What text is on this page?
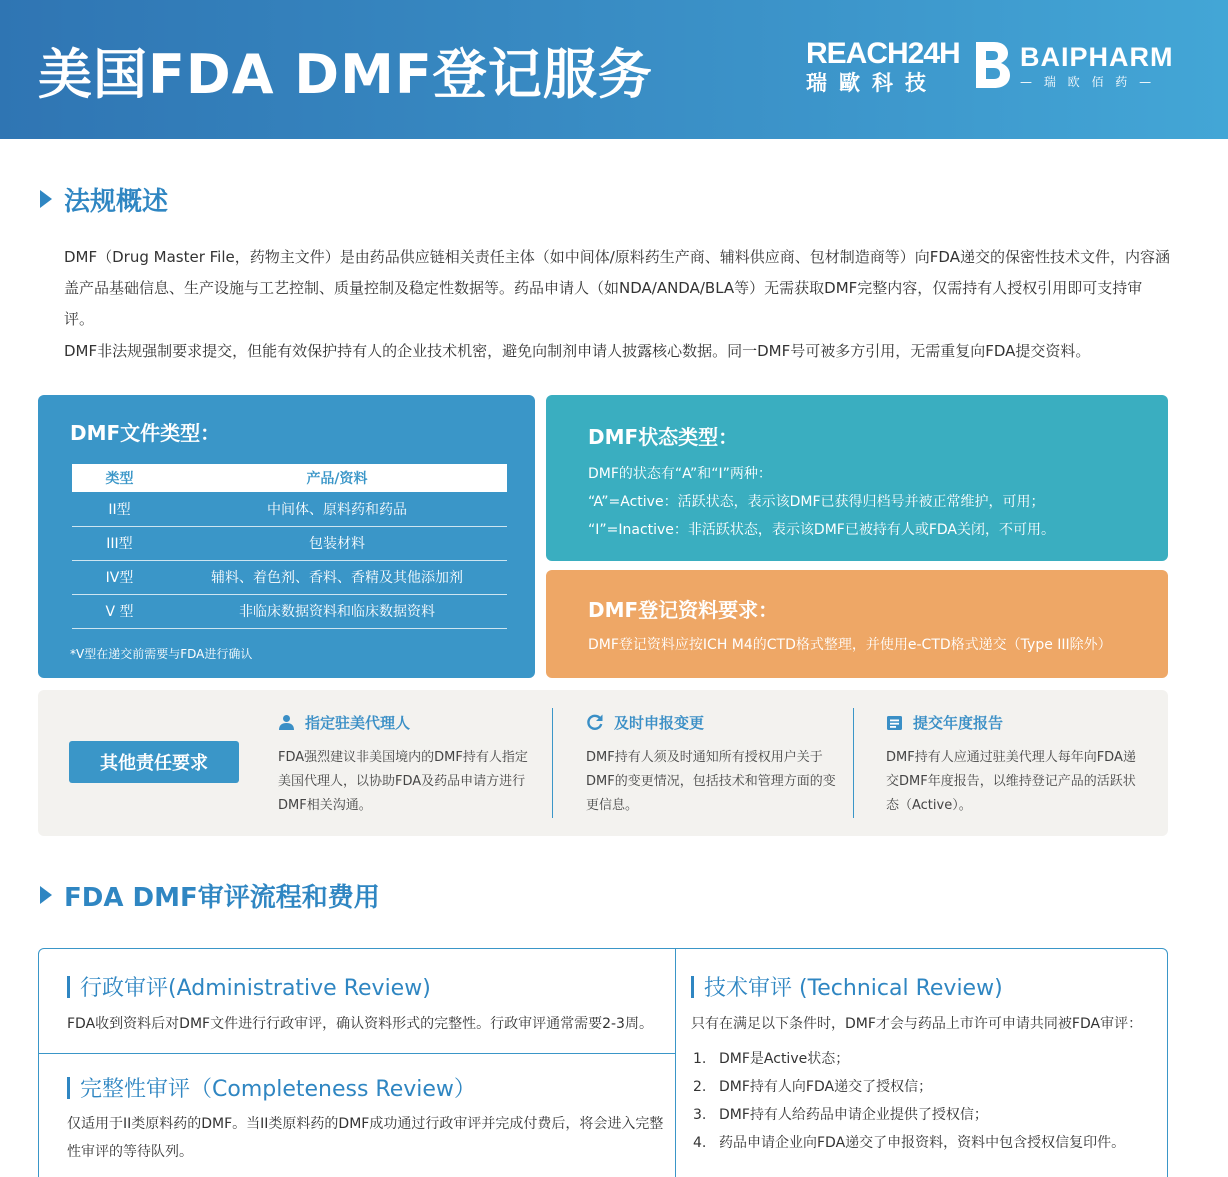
美国FDA DMF登记服务	REACH24H
瑞歐科技
BAIPHARM
— 瑞 欧 佰 药 —
法规概述
DMF（Drug Master File，药物主文件）是由药品供应链相关责任主体（如中间体/原料药生产商、辅料供应商、包材制造商等）向FDA递交的保密性技术文件，内容涵盖产品基础信息、生产设施与工艺控制、质量控制及稳定性数据等。药品申请人（如NDA/ANDA/BLA等）无需获取DMF完整内容，仅需持有人授权引用即可支持审评。
DMF非法规强制要求提交，但能有效保护持有人的企业技术机密，避免向制剂申请人披露核心数据。同一DMF号可被多方引用，无需重复向FDA提交资料。
DMF文件类型：
类型	产品/资料
II型	中间体、原料药和药品
III型	包装材料
IV型	辅料、着色剂、香料、香精及其他添加剂
V 型	非临床数据资料和临床数据资料
*V型在递交前需要与FDA进行确认
DMF状态类型：
DMF的状态有“A”和“I”两种：
“A”=Active：活跃状态，表示该DMF已获得归档号并被正常维护，可用；
“I”=Inactive：非活跃状态，表示该DMF已被持有人或FDA关闭，不可用。
DMF登记资料要求：
DMF登记资料应按ICH M4的CTD格式整理，并使用e-CTD格式递交（Type III除外）
其他责任要求
指定驻美代理人
FDA强烈建议非美国境内的DMF持有人指定美国代理人，以协助FDA及药品申请方进行DMF相关沟通。
及时申报变更
DMF持有人须及时通知所有授权用户关于DMF的变更情况，包括技术和管理方面的变更信息。
提交年度报告
DMF持有人应通过驻美代理人每年向FDA递交DMF年度报告，以维持登记产品的活跃状态（Active）。
FDA DMF审评流程和费用
行政审评(Administrative Review)
FDA收到资料后对DMF文件进行行政审评，确认资料形式的完整性。行政审评通常需要2-3周。
完整性审评（Completeness Review）
仅适用于II类原料药的DMF。当II类原料药的DMF成功通过行政审评并完成付费后，将会进入完整性审评的等待队列。
技术审评 (Technical Review)
只有在满足以下条件时，DMF才会与药品上市许可申请共同被FDA审评：
1. DMF是Active状态；
2. DMF持有人向FDA递交了授权信；
3. DMF持有人给药品申请企业提供了授权信；
4. 药品申请企业向FDA递交了申报资料，资料中包含授权信复印件。
